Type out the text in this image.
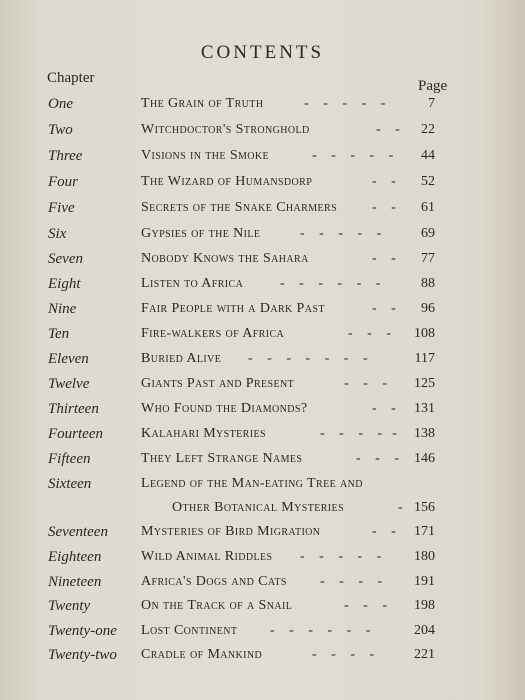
CONTENTS
Chapter	Page
One	The Grain of Truth	-   -   -   -   -	7
Two	Witchdoctor's Stronghold	-   - 22
Three	Visions in the Smoke	-   -   -   -   - 44
Four	The Wizard of Humansdorp	-   - 52
Five	Secrets of the Snake Charmers -   - 61
Six	Gypsies of the Nile	-   -   -   -   -	69
Seven	Nobody Knows the Sahara	-   - 77
Eight	Listen to Africa	-   -   -   -   -   -	88
Nine	Fair People with a Dark Past	-   - 96
Ten	Fire-walkers of Africa	-   -   - 108
Eleven	Buried Alive -   -   -   -   -   -   -	117
Twelve	Giants Past and Present	-   -   - 125
Thirteen	Who Found the Diamonds?	-   - 131
Fourteen	Kalahari Mysteries	-   -   -   -  - 138
Fifteen	They Left Strange Names	-   -   - 146
Sixteen	Legend of the Man-eating Tree and
Other Botanical Mysteries	- 156
Seventeen Mysteries of Bird Migration	-   - 171
Eighteen	Wild Animal Riddles -   -   -   -   - 180
Nineteen	Africa's Dogs and Cats -   -   -   - 191
Twenty	On the Track of a Snail	-   -   - 198
Twenty-one Lost Continent -   -   -   -   -   -	204
Twenty-two Cradle of Mankind	-   -   -   -	221
